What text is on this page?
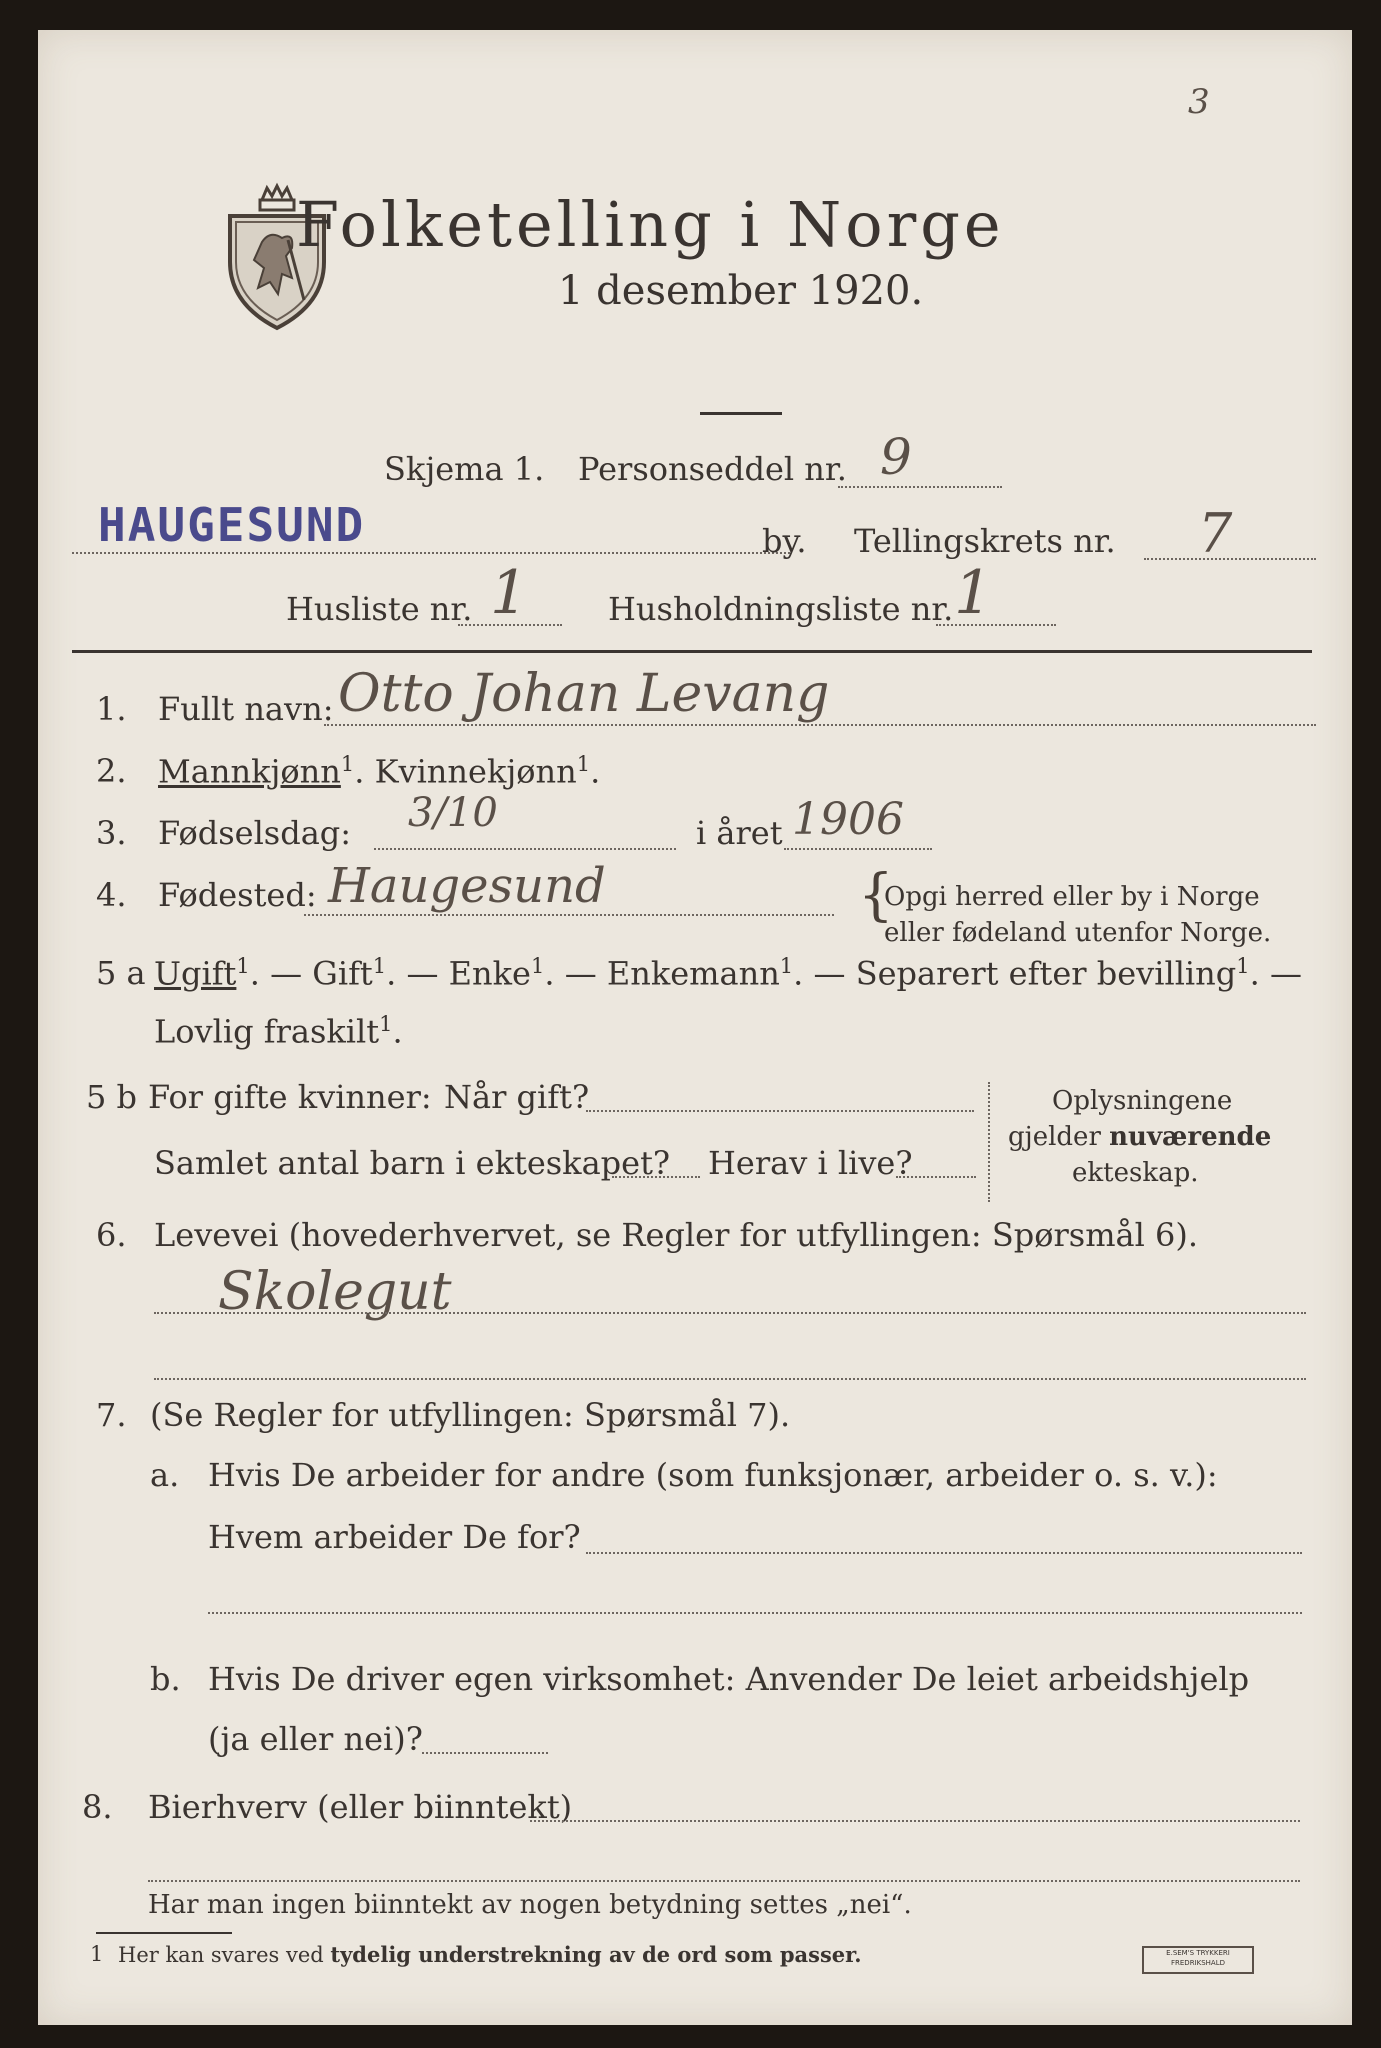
3
Folketelling i Norge
1 desember 1920.
Skjema 1. Personseddel nr. 9
HAUGESUND	by. Tellingskrets nr. 7
Husliste nr. 1 Husholdningsliste nr. 1
1. Fullt navn: Otto Johan Levang
2. Mannkjønn$^1$. Kvinnekjønn$^1$.
3. Fødselsdag: 3/10	i året 1906
4. Fødested: Haugesund	{
Opgi herred eller by i Norge
eller fødeland utenfor Norge.
5 a Ugift$^1$. — Gift$^1$. — Enke$^1$. — Enkemann$^1$. — Separert efter bevilling$^1$. —
Lovlig fraskilt$^1$.
5 b For gifte kvinner: Når gift?
Samlet antal barn i ekteskapet? Herav i live?
Oplysningene
gjelder nuværende
ekteskap.
6. Levevei (hovederhvervet, se Regler for utfyllingen: Spørsmål 6).
Skolegut
7. (Se Regler for utfyllingen: Spørsmål 7).
a. Hvis De arbeider for andre (som funksjonær, arbeider o. s. v.):
Hvem arbeider De for?
b. Hvis De driver egen virksomhet: Anvender De leiet arbeidshjelp
(ja eller nei)?
8. Bierhverv (eller biinntekt)
Har man ingen biinntekt av nogen betydning settes „nei“.
1 Her kan svares ved tydelig understrekning av de ord som passer.	E.SEM'S TRYKKERI
FREDRIKSHALD
